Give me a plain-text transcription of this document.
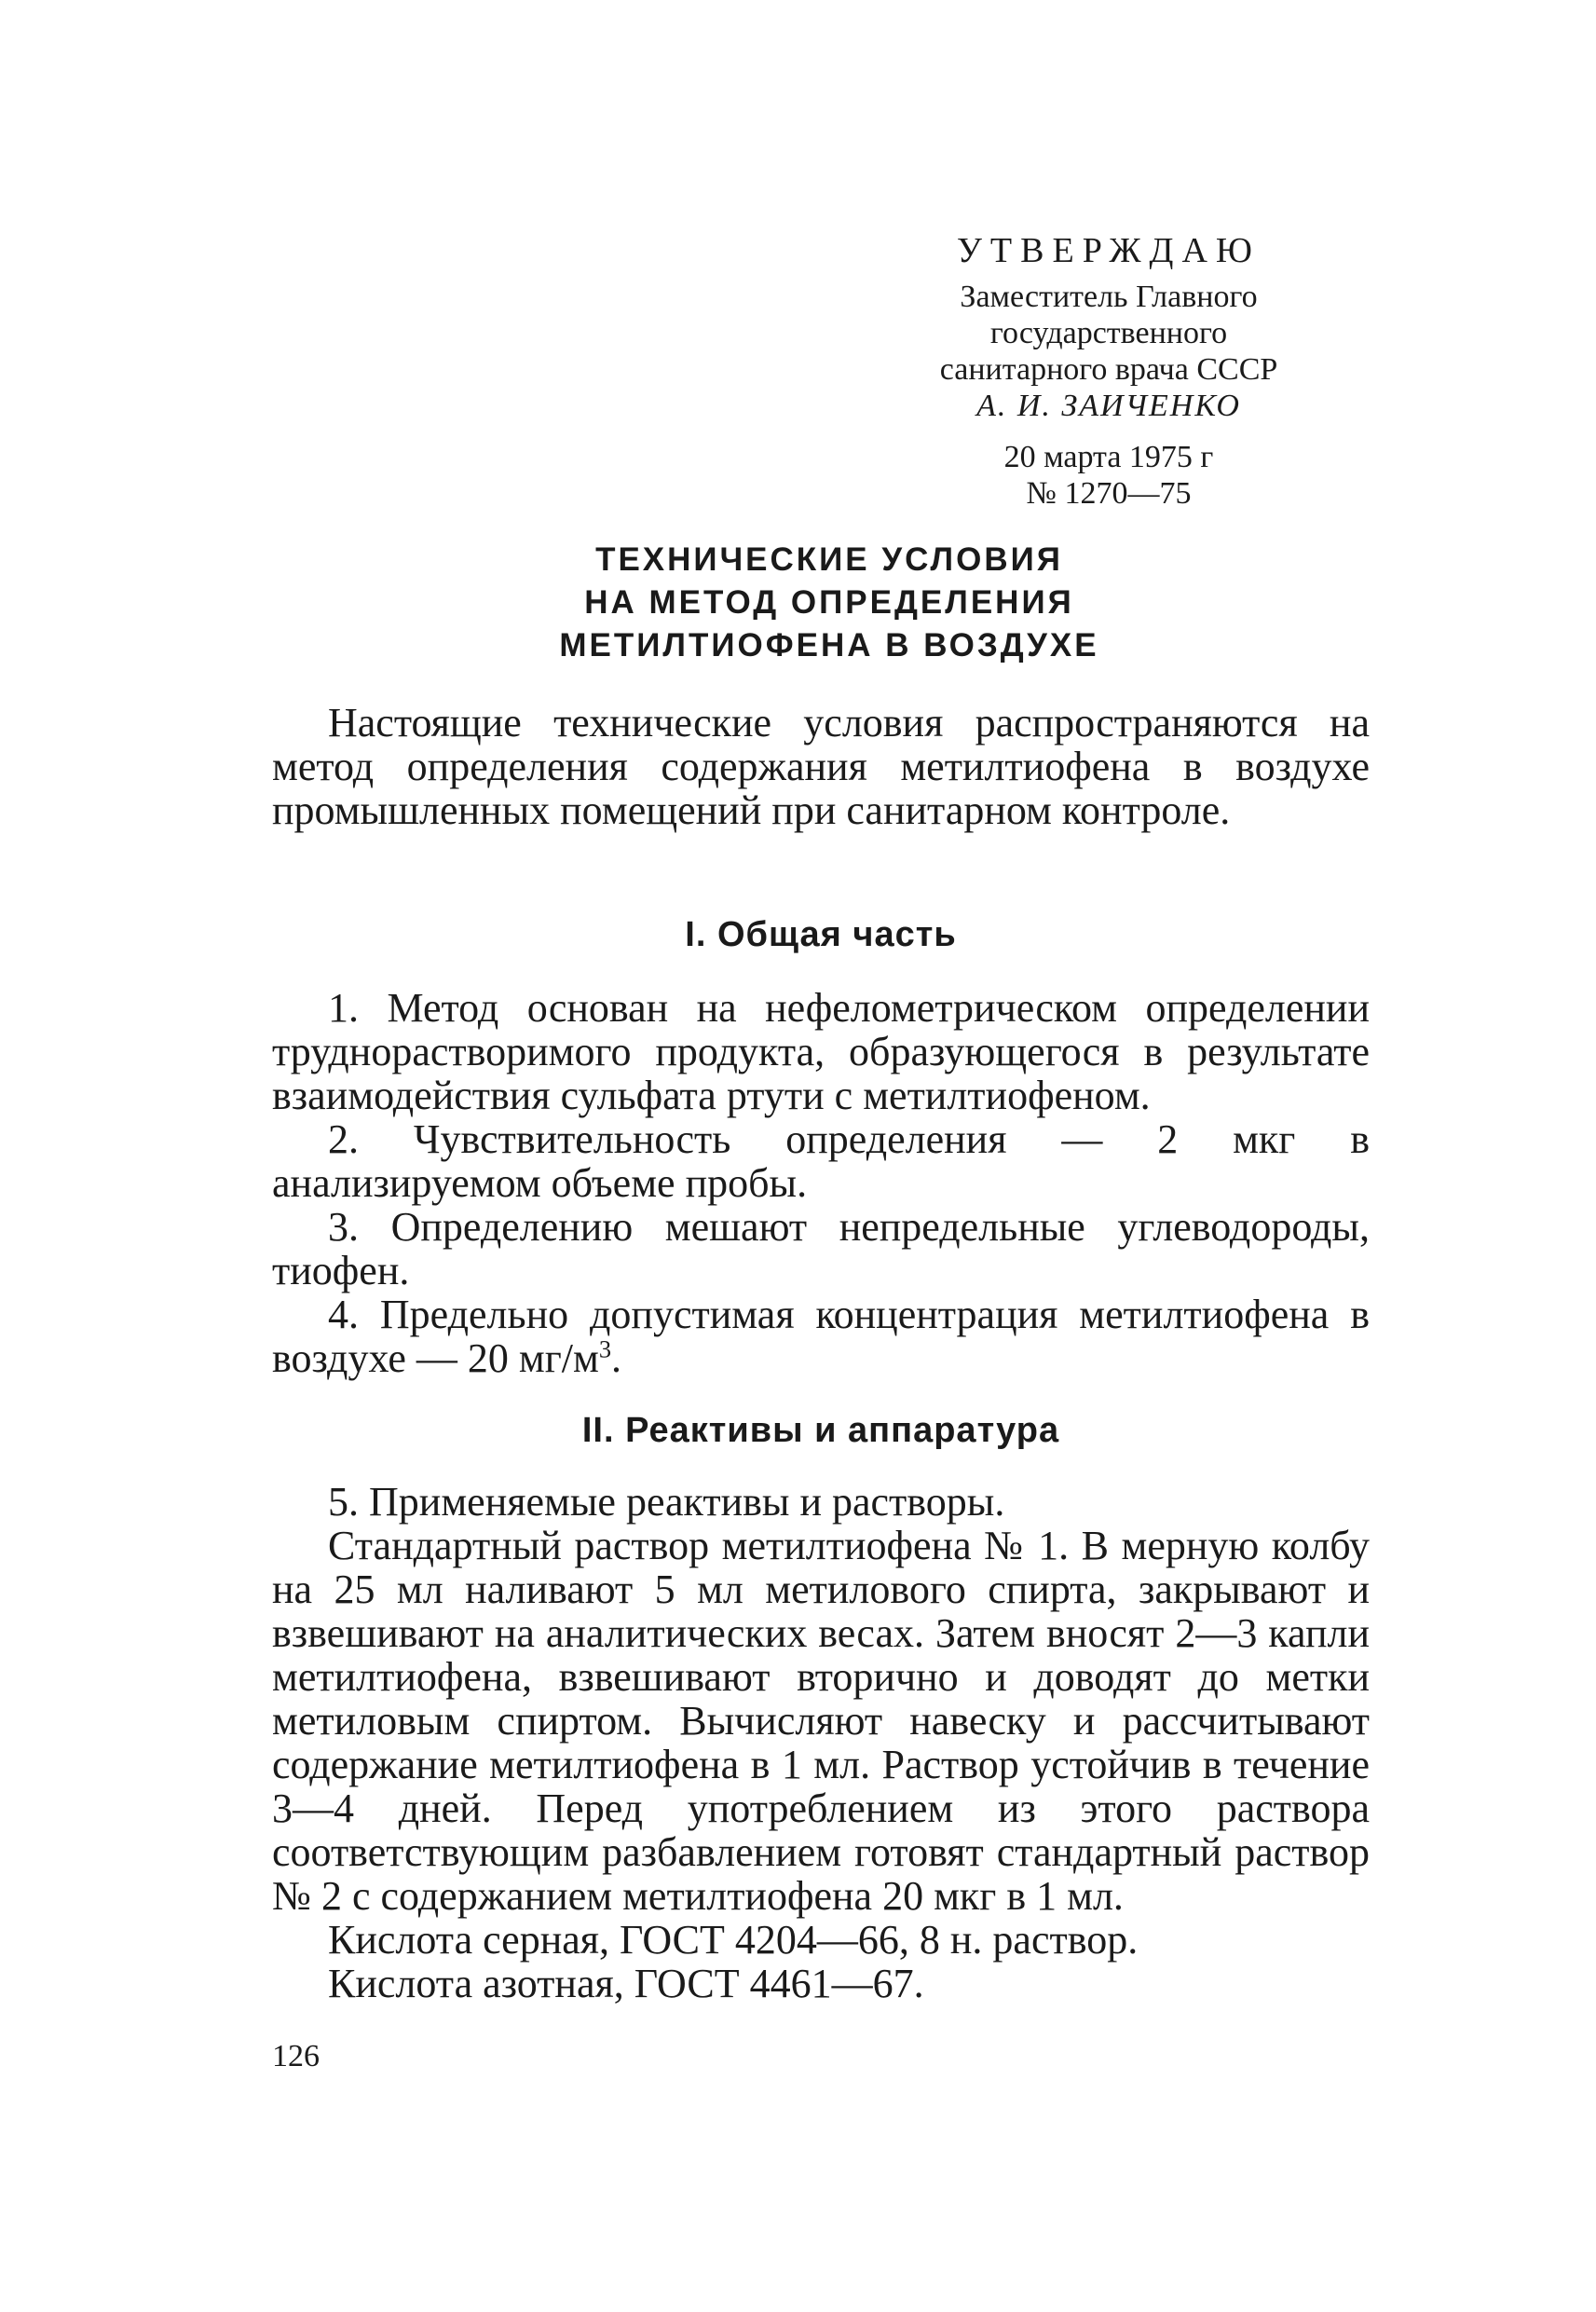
УТВЕРЖДАЮ
Заместитель Главного
государственного
санитарного врача СССР
А. И. ЗАИЧЕНКО
20 марта 1975 г
№ 1270—75
ТЕХНИЧЕСКИЕ УСЛОВИЯ
НА МЕТОД ОПРЕДЕЛЕНИЯ
МЕТИЛТИОФЕНА В ВОЗДУХЕ

Настоящие технические условия распространяются на метод определения содержания метилтиофена в воздухе промышленных помещений при санитарном контроле.

I. Общая часть

1. Метод основан на нефелометрическом определении труднорастворимого продукта, образующегося в результате взаимодействия сульфата ртути с метилтиофеном.

2. Чувствительность определения — 2 мкг в анализируемом объеме пробы.

3. Определению мешают непредельные углеводороды, тиофен.

4. Предельно допустимая концентрация метилтиофена в воздухе — 20 $мг/м^3$.

II. Реактивы и аппаратура

5. Применяемые реактивы и растворы.

Стандартный раствор метилтиофена № 1. В мерную колбу на 25 мл наливают 5 мл метилового спирта, закрывают и взвешивают на аналитических весах. Затем вносят 2—3 капли метилтиофена, взвешивают вторично и доводят до метки метиловым спиртом. Вычисляют навеску и рассчитывают содержание метилтиофена в 1 мл. Раствор устойчив в течение 3—4 дней. Перед употреблением из этого раствора соответствующим разбавлением готовят стандартный раствор № 2 с содержанием метилтиофена 20 мкг в 1 мл.

Кислота серная, ГОСТ 4204—66, 8 н. раствор.

Кислота азотная, ГОСТ 4461—67.

126
